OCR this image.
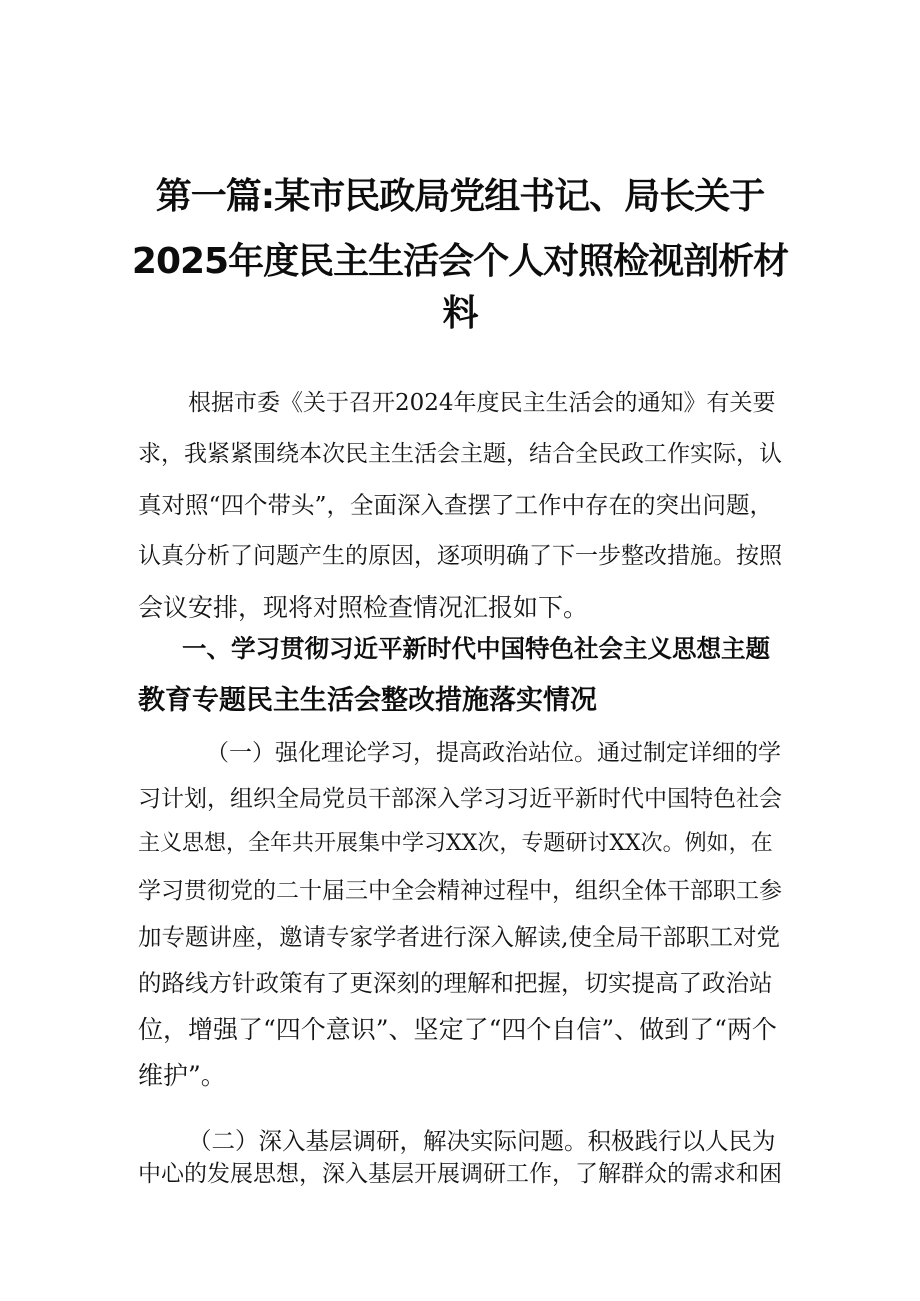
第一篇:某市民政局党组书记、局长关于
2025年度民主生活会个人对照检视剖析材
料
根据市委《关于召开2024年度民主生活会的通知》有关要
求，我紧紧围绕本次民主生活会主题，结合全民政工作实际，认
真对照“四个带头”，全面深入查摆了工作中存在的突出问题，
认真分析了问题产生的原因，逐项明确了下一步整改措施。按照
会议安排，现将对照检查情况汇报如下。
一、学习贯彻习近平新时代中国特色社会主义思想主题
教育专题民主生活会整改措施落实情况
（一）强化理论学习，提高政治站位。通过制定详细的学
习计划，组织全局党员干部深入学习习近平新时代中国特色社会
主义思想，全年共开展集中学习XX次，专题研讨XX次。例如，在
学习贯彻党的二十届三中全会精神过程中，组织全体干部职工参
加专题讲座，邀请专家学者进行深入解读,使全局干部职工对党
的路线方针政策有了更深刻的理解和把握，切实提高了政治站
位，增强了“四个意识”、坚定了“四个自信”、做到了“两个
维护”。
（二）深入基层调研，解决实际问题。积极践行以人民为
中心的发展思想，深入基层开展调研工作，了解群众的需求和困
